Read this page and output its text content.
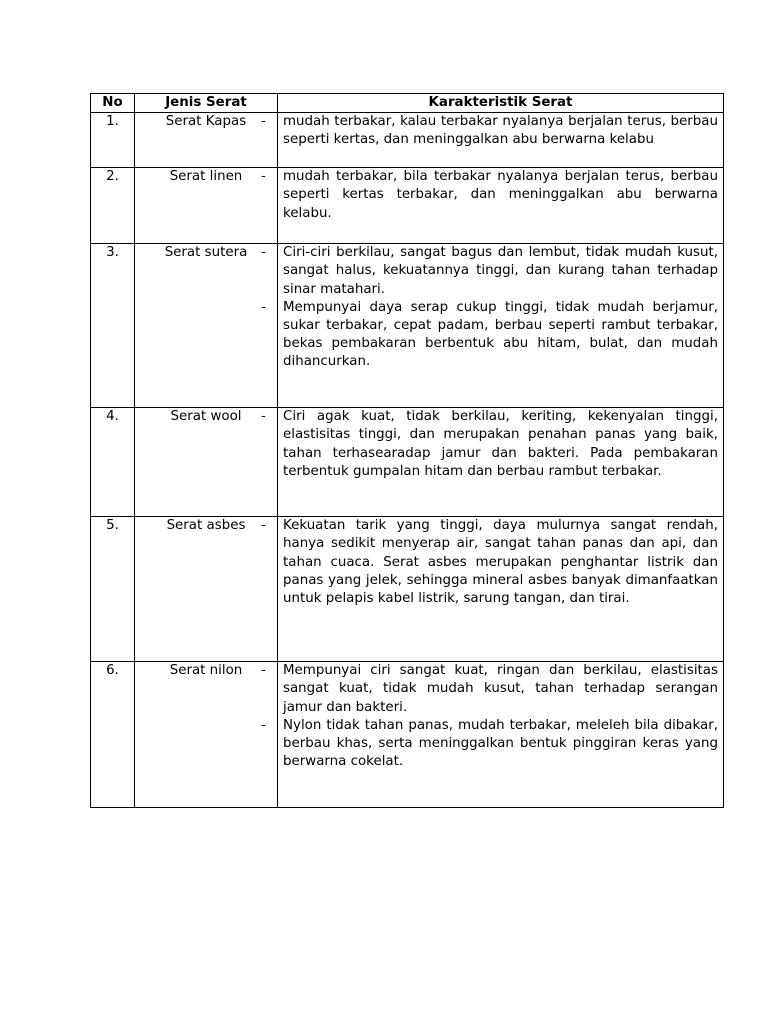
No	Jenis Serat	Karakteristik Serat
1.	Serat Kapas	- mudah terbakar, kalau terbakar nyalanya berjalan terus, berbau seperti kertas, dan meninggalkan abu berwarna kelabu

2.	Serat linen	- mudah terbakar, bila terbakar nyalanya berjalan terus, berbau seperti kertas terbakar, dan meninggalkan abu berwarna kelabu.

3.	Serat sutera	- Ciri-ciri berkilau, sangat bagus dan lembut, tidak mudah kusut, sangat halus, kekuatannya tinggi, dan kurang tahan terhadap sinar matahari.
- Mempunyai daya serap cukup tinggi, tidak mudah berjamur, sukar terbakar, cepat padam, berbau seperti rambut terbakar, bekas pembakaran berbentuk abu hitam, bulat, dan mudah dihancurkan.

4.	Serat wool	- Ciri agak kuat, tidak berkilau, keriting, kekenyalan tinggi, elastisitas tinggi, dan merupakan penahan panas yang baik, tahan terhasearadap jamur dan bakteri. Pada pembakaran terbentuk gumpalan hitam dan berbau rambut terbakar.

5.	Serat asbes	- Kekuatan tarik yang tinggi, daya mulurnya sangat rendah, hanya sedikit menyerap air, sangat tahan panas dan api, dan tahan cuaca. Serat asbes merupakan penghantar listrik dan panas yang jelek, sehingga mineral asbes banyak dimanfaatkan untuk pelapis kabel listrik, sarung tangan, dan tirai.

6.	Serat nilon	- Mempunyai ciri sangat kuat, ringan dan berkilau, elastisitas sangat kuat, tidak mudah kusut, tahan terhadap serangan jamur dan bakteri.
- Nylon tidak tahan panas, mudah terbakar, meleleh bila dibakar, berbau khas, serta meninggalkan bentuk pinggiran keras yang berwarna cokelat.
